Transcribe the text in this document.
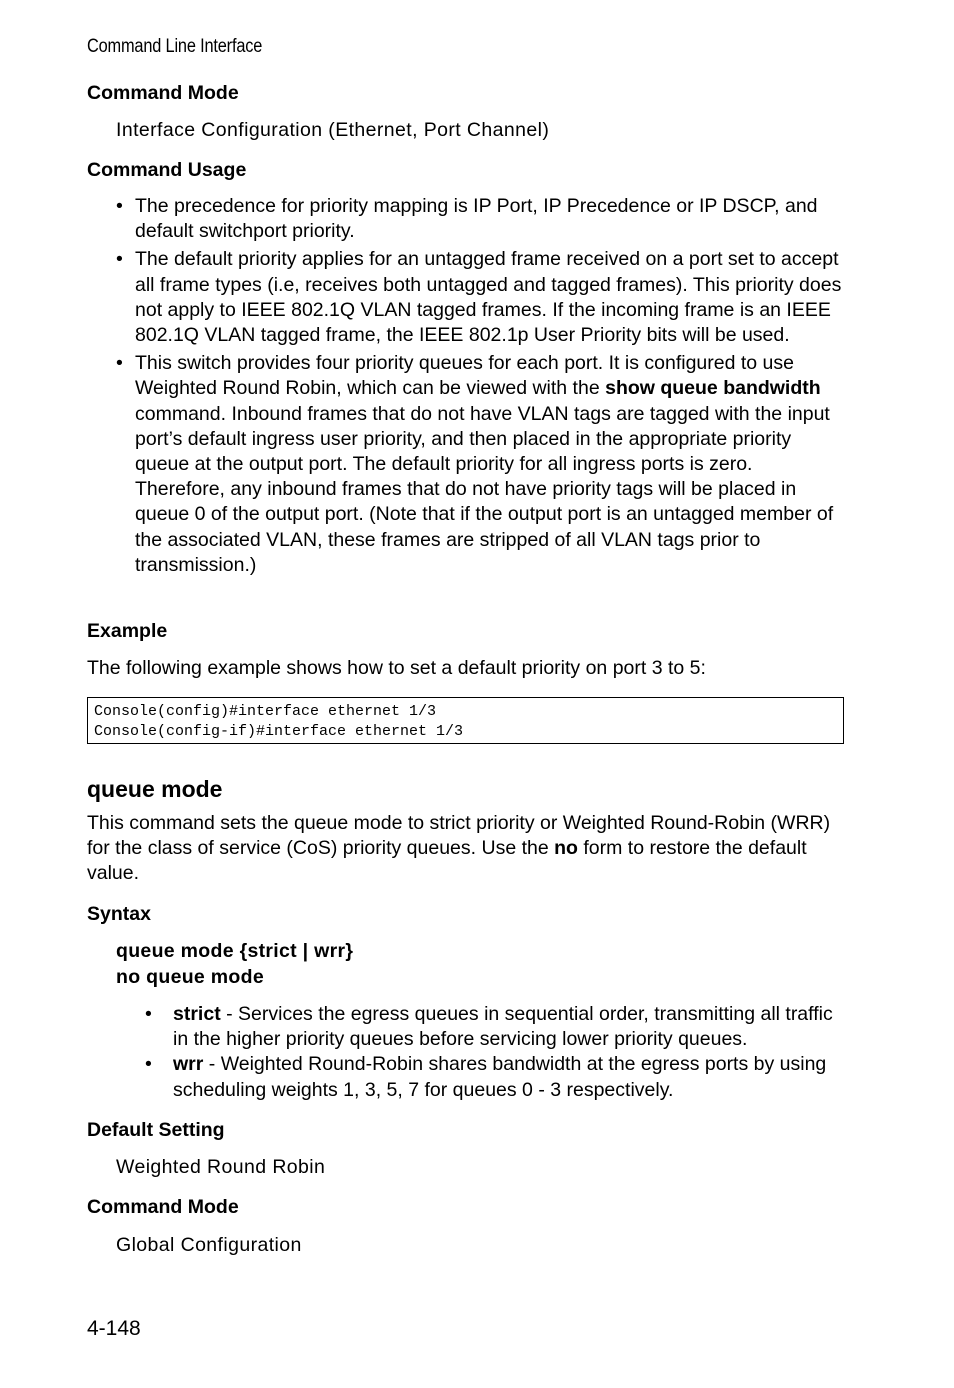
Command Line Interface
Command Mode
Interface Configuration (Ethernet, Port Channel)
Command Usage
• The precedence for priority mapping is IP Port, IP Precedence or IP DSCP, and default switchport priority.
• The default priority applies for an untagged frame received on a port set to accept all frame types (i.e, receives both untagged and tagged frames). This priority does not apply to IEEE 802.1Q VLAN tagged frames. If the incoming frame is an IEEE 802.1Q VLAN tagged frame, the IEEE 802.1p User Priority bits will be used.
• This switch provides four priority queues for each port. It is configured to use Weighted Round Robin, which can be viewed with the show queue bandwidth command. Inbound frames that do not have VLAN tags are tagged with the input port’s default ingress user priority, and then placed in the appropriate priority queue at the output port. The default priority for all ingress ports is zero. Therefore, any inbound frames that do not have priority tags will be placed in queue 0 of the output port. (Note that if the output port is an untagged member of the associated VLAN, these frames are stripped of all VLAN tags prior to transmission.)
Example
The following example shows how to set a default priority on port 3 to 5:
Console(config)#interface ethernet 1/3
Console(config-if)#interface ethernet 1/3
queue mode
This command sets the queue mode to strict priority or Weighted Round-Robin (WRR) for the class of service (CoS) priority queues. Use the no form to restore the default value.
Syntax
queue mode {strict | wrr}
no queue mode
• strict - Services the egress queues in sequential order, transmitting all traffic in the higher priority queues before servicing lower priority queues.
• wrr - Weighted Round-Robin shares bandwidth at the egress ports by using scheduling weights 1, 3, 5, 7 for queues 0 - 3 respectively.
Default Setting
Weighted Round Robin
Command Mode
Global Configuration
4-148
